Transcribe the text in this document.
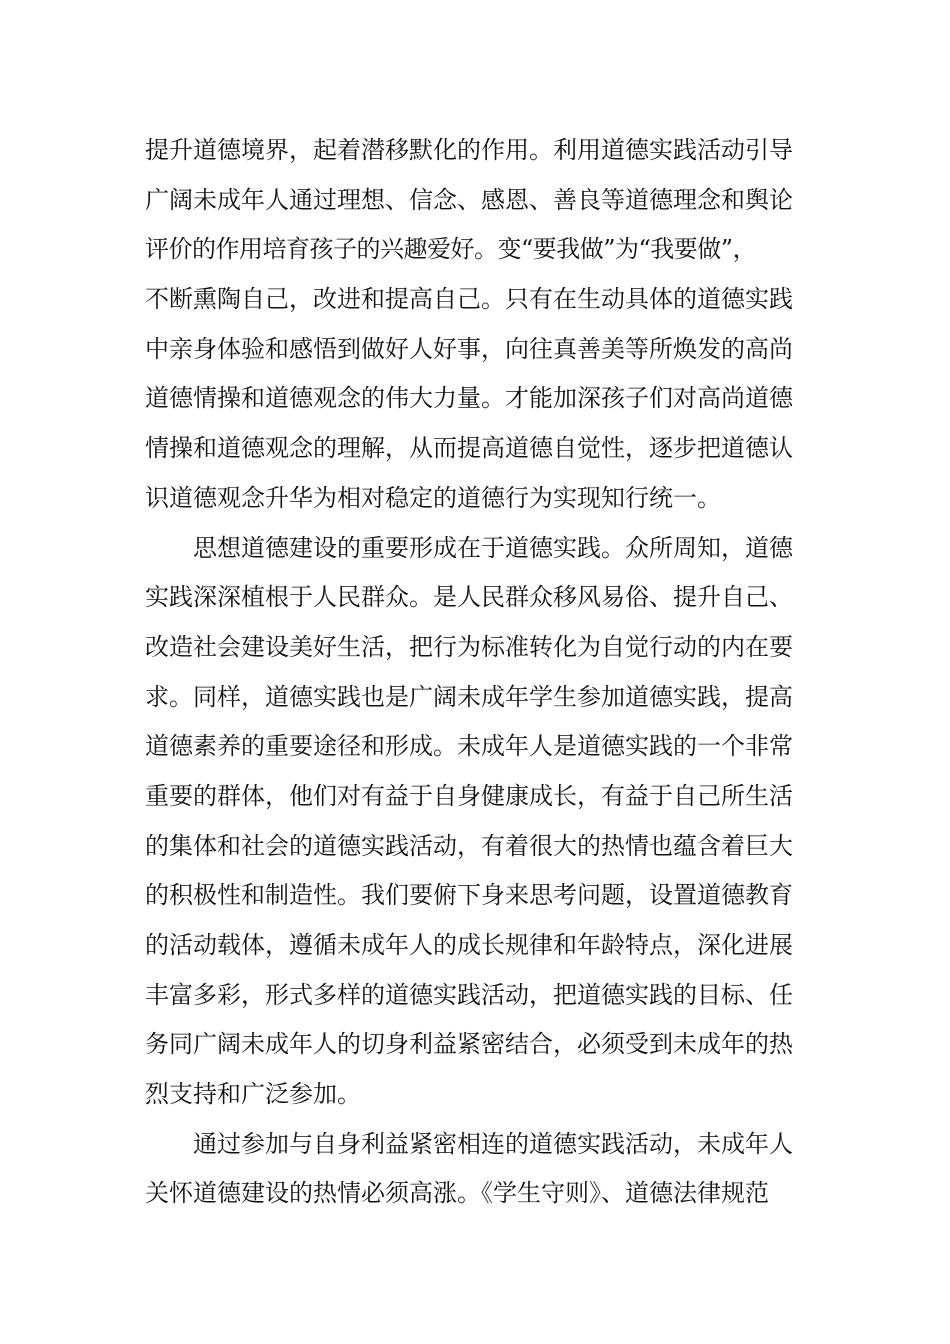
提升道德境界，起着潜移默化的作用。利用道德实践活动引导
广阔未成年人通过理想、信念、感恩、善良等道德理念和舆论
评价的作用培育孩子的兴趣爱好。变“要我做”为“我要做”，
不断熏陶自己，改进和提高自己。只有在生动具体的道德实践
中亲身体验和感悟到做好人好事，向往真善美等所焕发的高尚
道德情操和道德观念的伟大力量。才能加深孩子们对高尚道德
情操和道德观念的理解，从而提高道德自觉性，逐步把道德认
识道德观念升华为相对稳定的道德行为实现知行统一。
思想道德建设的重要形成在于道德实践。众所周知，道德
实践深深植根于人民群众。是人民群众移风易俗、提升自己、
改造社会建设美好生活，把行为标准转化为自觉行动的内在要
求。同样，道德实践也是广阔未成年学生参加道德实践，提高
道德素养的重要途径和形成。未成年人是道德实践的一个非常
重要的群体，他们对有益于自身健康成长，有益于自己所生活
的集体和社会的道德实践活动，有着很大的热情也蕴含着巨大
的积极性和制造性。我们要俯下身来思考问题，设置道德教育
的活动载体，遵循未成年人的成长规律和年龄特点，深化进展
丰富多彩，形式多样的道德实践活动，把道德实践的目标、任
务同广阔未成年人的切身利益紧密结合，必须受到未成年的热
烈支持和广泛参加。
通过参加与自身利益紧密相连的道德实践活动，未成年人
关怀道德建设的热情必须高涨。《学生守则》、道德法律规范
